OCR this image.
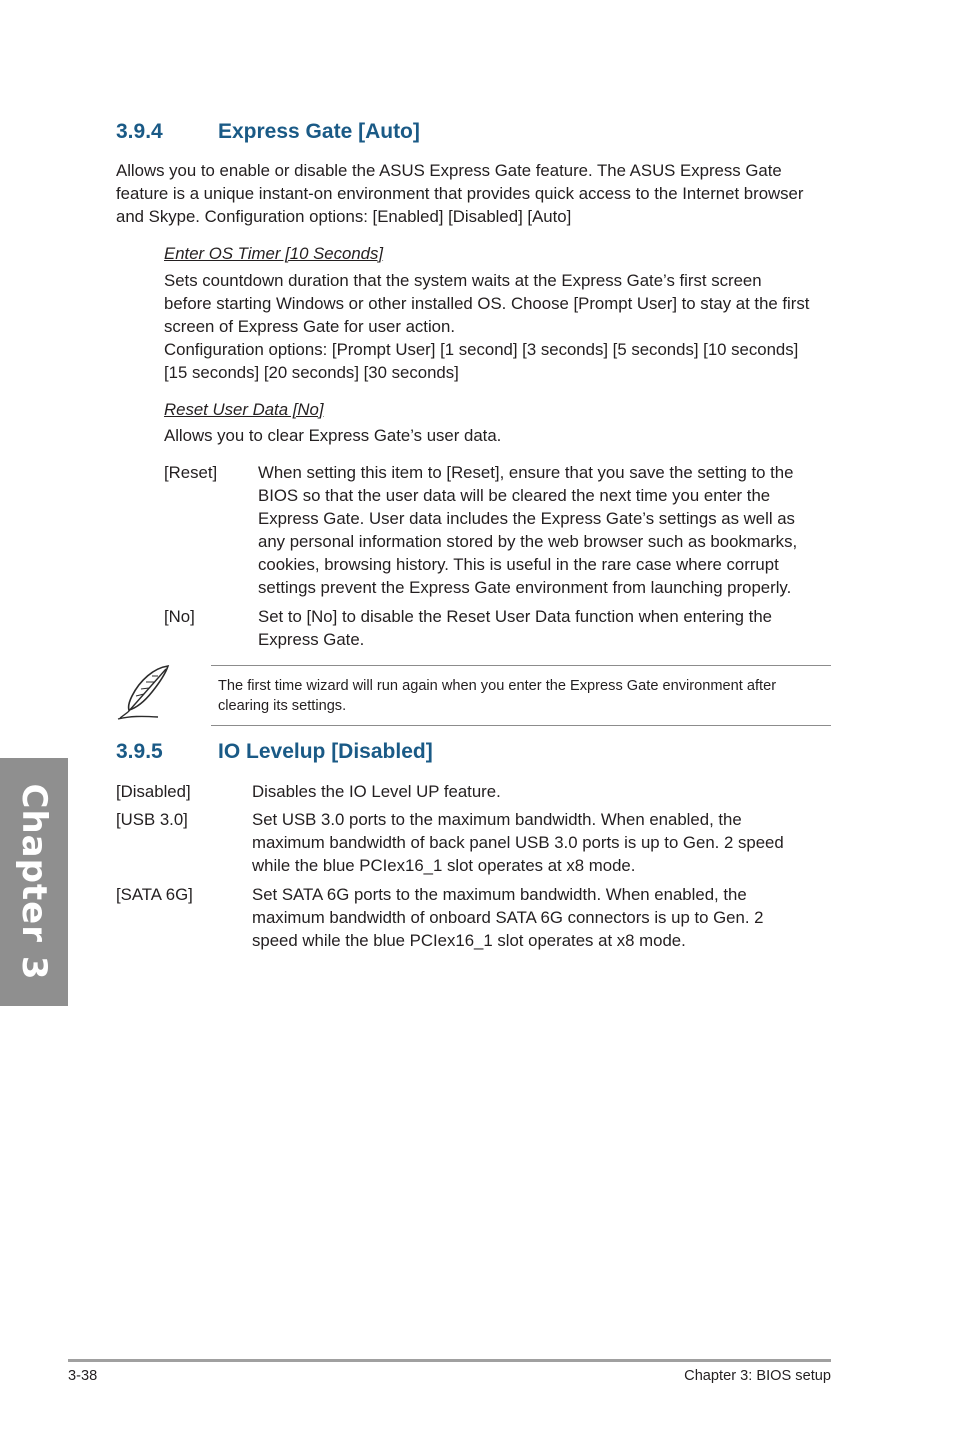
3.9.4	Express Gate [Auto]
Allows you to enable or disable the ASUS Express Gate feature. The ASUS Express Gate
feature is a unique instant-on environment that provides quick access to the Internet browser
and Skype. Configuration options: [Enabled] [Disabled] [Auto]
Enter OS Timer [10 Seconds]
Sets countdown duration that the system waits at the Express Gate’s first screen
before starting Windows or other installed OS. Choose [Prompt User] to stay at the first
screen of Express Gate for user action.
Configuration options: [Prompt User] [1 second] [3 seconds] [5 seconds] [10 seconds]
[15 seconds] [20 seconds] [30 seconds]
Reset User Data [No]
Allows you to clear Express Gate’s user data.
[Reset] When setting this item to [Reset], ensure that you save the setting to the
BIOS so that the user data will be cleared the next time you enter the
Express Gate. User data includes the Express Gate’s settings as well as
any personal information stored by the web browser such as bookmarks,
cookies, browsing history. This is useful in the rare case where corrupt
settings prevent the Express Gate environment from launching properly.
[No]	Set to [No] to disable the Reset User Data function when entering the
Express Gate.
The first time wizard will run again when you enter the Express Gate environment after
clearing its settings.
3.9.5	IO Levelup [Disabled]
[Disabled]	Disables the IO Level UP feature.
[USB 3.0]	Set USB 3.0 ports to the maximum bandwidth. When enabled, the
maximum bandwidth of back panel USB 3.0 ports is up to Gen. 2 speed
while the blue PCIex16_1 slot operates at x8 mode.
[SATA 6G]	Set SATA 6G ports to the maximum bandwidth. When enabled, the
maximum bandwidth of onboard SATA 6G connectors is up to Gen. 2
speed while the blue PCIex16_1 slot operates at x8 mode.
Chapter 3
3-38	Chapter 3: BIOS setup
